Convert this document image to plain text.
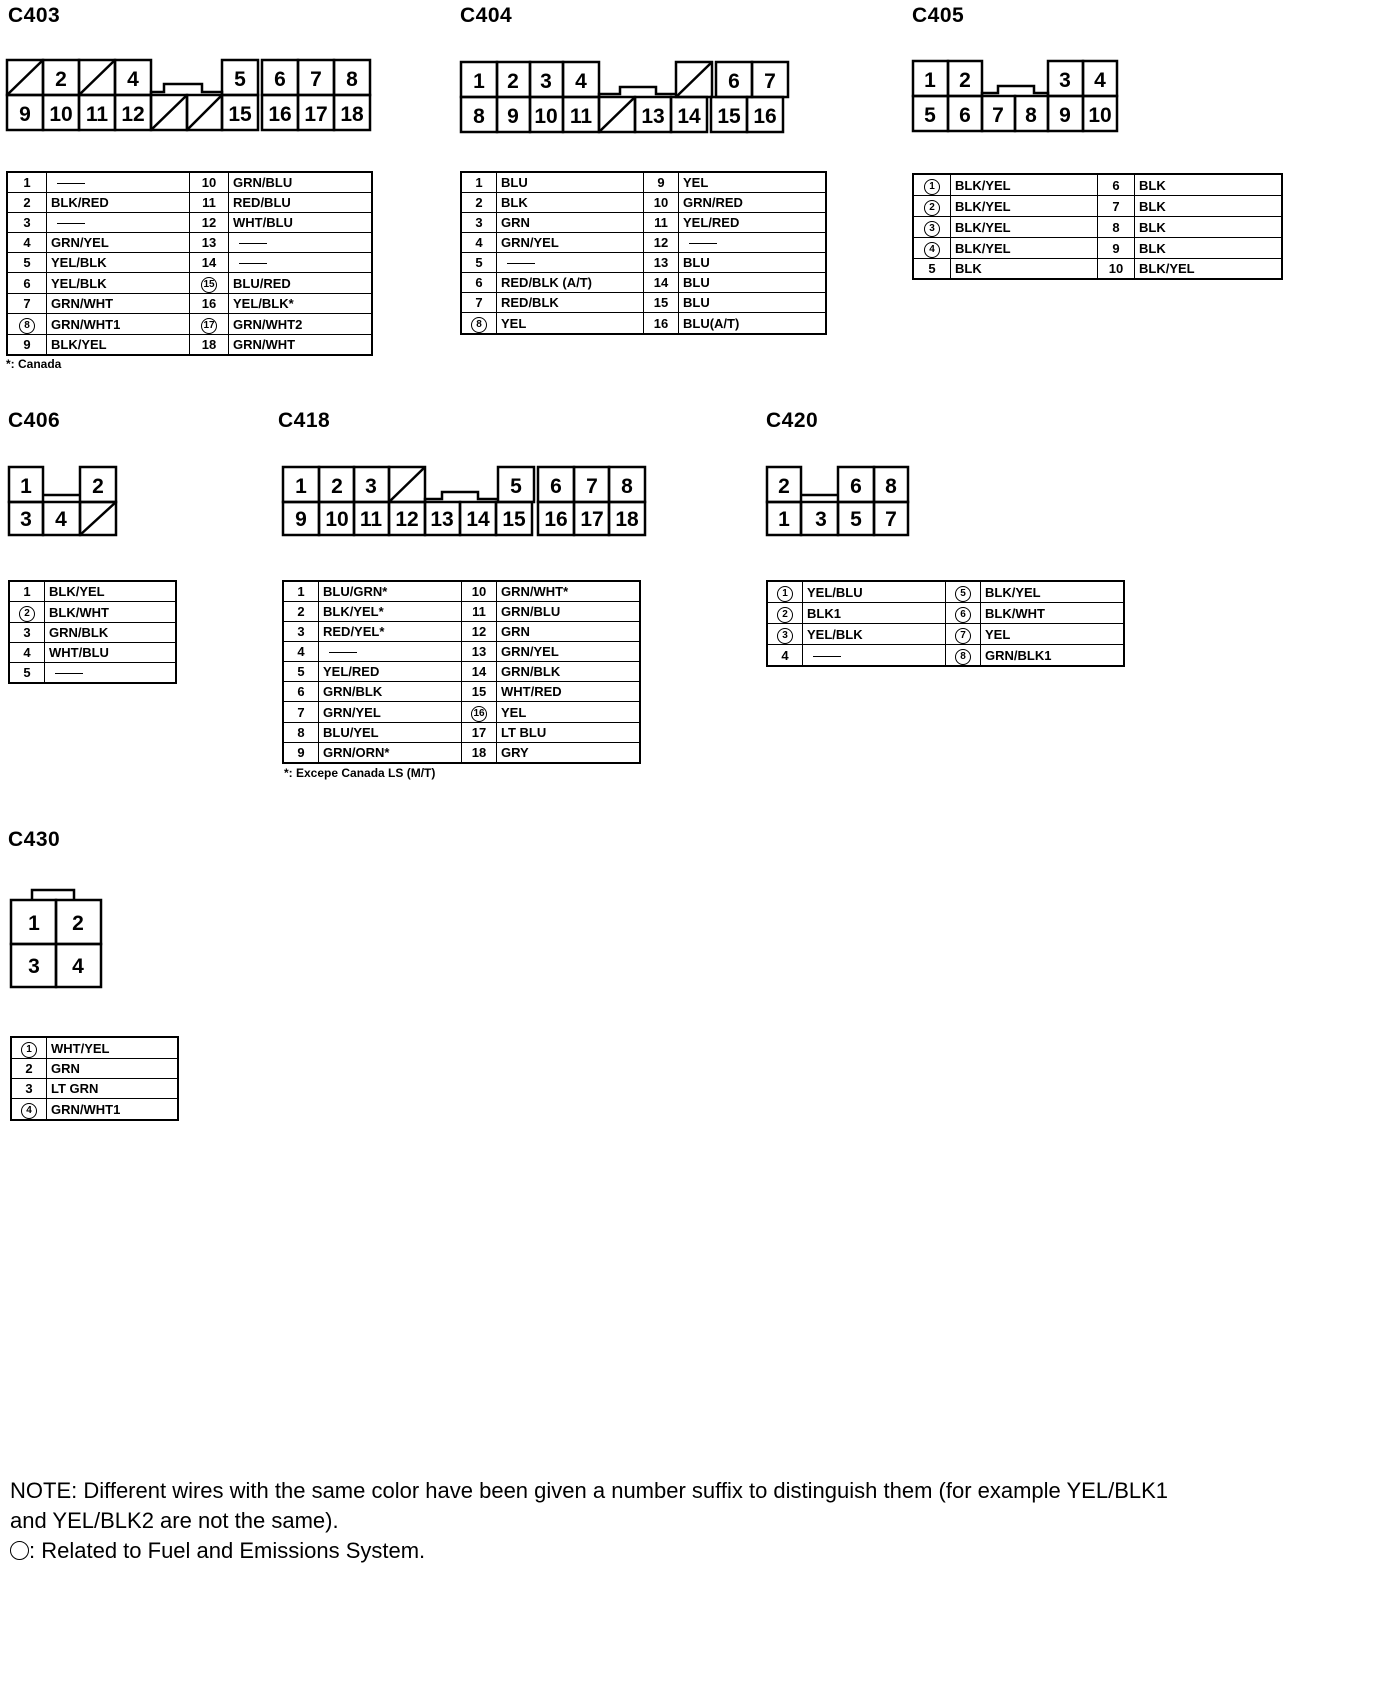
C403
2	4	5 6 7 8
9 10 11 12	15 16 17 18
1		10	GRN/BLU
2	BLK/RED	11	RED/BLU
3		12	WHT/BLU
4	GRN/YEL	13	
5	YEL/BLK	14	
6	YEL/BLK	15	BLU/RED
7	GRN/WHT	16	YEL/BLK*
8	GRN/WHT1	17	GRN/WHT2
9	BLK/YEL	18	GRN/WHT
*: Canada
C404
1 2 3 4	6 7
8 9 10 11 13 14 15 16
1	BLU	9	YEL
2	BLK	10	GRN/RED
3	GRN	11	YEL/RED
4	GRN/YEL	12	
5		13	BLU
6	RED/BLK (A/T)	14	BLU
7	RED/BLK	15	BLU
8	YEL	16	BLU(A/T)
C405
1 2	3 4
5 6 7 8 9 10
1	BLK/YEL	6	BLK
2	BLK/YEL	7	BLK
3	BLK/YEL	8	BLK
4	BLK/YEL	9	BLK
5	BLK	10	BLK/YEL
C406
1	2
3 4
1	BLK/YEL
2	BLK/WHT
3	GRN/BLK
4	WHT/BLU
5	
C418
1 2 3	5 6 7 8
9 10 11 12 13 14 15 16 17 18
1	BLU/GRN*	10	GRN/WHT*
2	BLK/YEL*	11	GRN/BLU
3	RED/YEL*	12	GRN
4		13	GRN/YEL
5	YEL/RED	14	GRN/BLK
6	GRN/BLK	15	WHT/RED
7	GRN/YEL	16	YEL
8	BLU/YEL	17	LT BLU
9	GRN/ORN*	18	GRY
*: Excepe Canada LS (M/T)
C420
2	6 8
1 3 5 7
1	YEL/BLU	5	BLK/YEL
2	BLK1	6	BLK/WHT
3	YEL/BLK	7	YEL
4		8	GRN/BLK1
C430
1 2
3 4
1	WHT/YEL
2	GRN
3	LT GRN
4	GRN/WHT1
NOTE: Different wires with the same color have been given a number suffix to distinguish them (for example YEL/BLK1
and YEL/BLK2 are not the same).
: Related to Fuel and Emissions System.
